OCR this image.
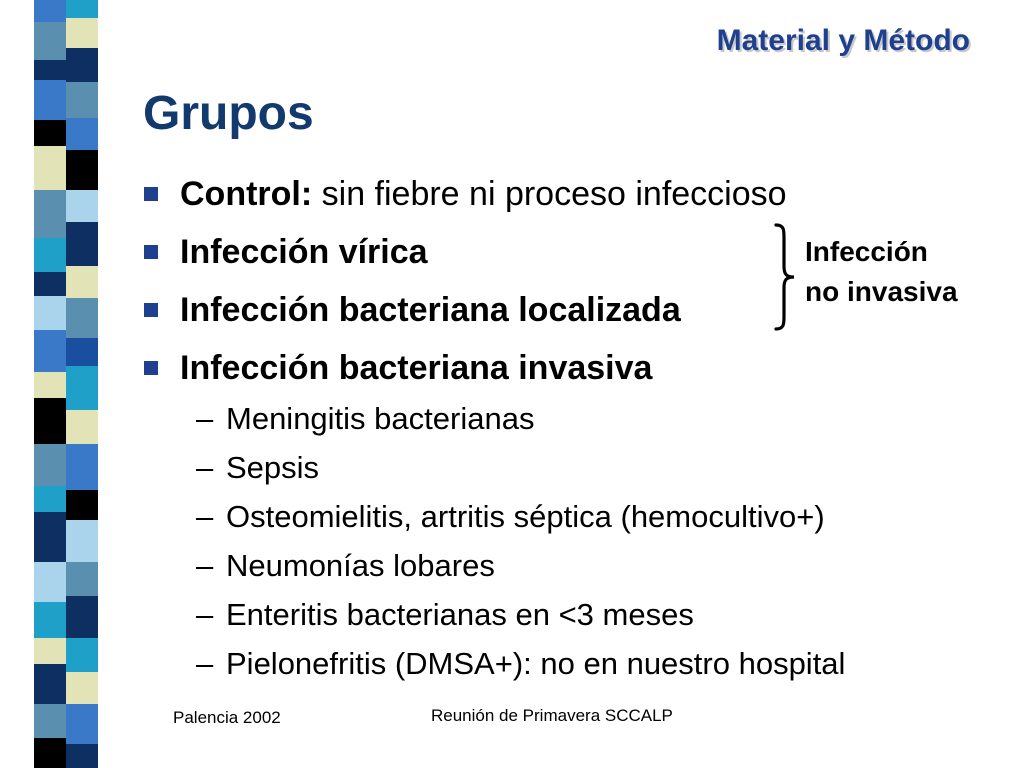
Material y Método
Grupos
Control: sin fiebre ni proceso infeccioso
Infección vírica
Infección bacteriana localizada
Infección bacteriana invasiva
– Meningitis bacterianas
– Sepsis
– Osteomielitis, artritis séptica (hemocultivo+)
– Neumonías lobares
– Enteritis bacterianas en <3 meses
– Pielonefritis (DMSA+): no en nuestro hospital
Infección
no invasiva
Palencia 2002	Reunión de Primavera SCCALP
